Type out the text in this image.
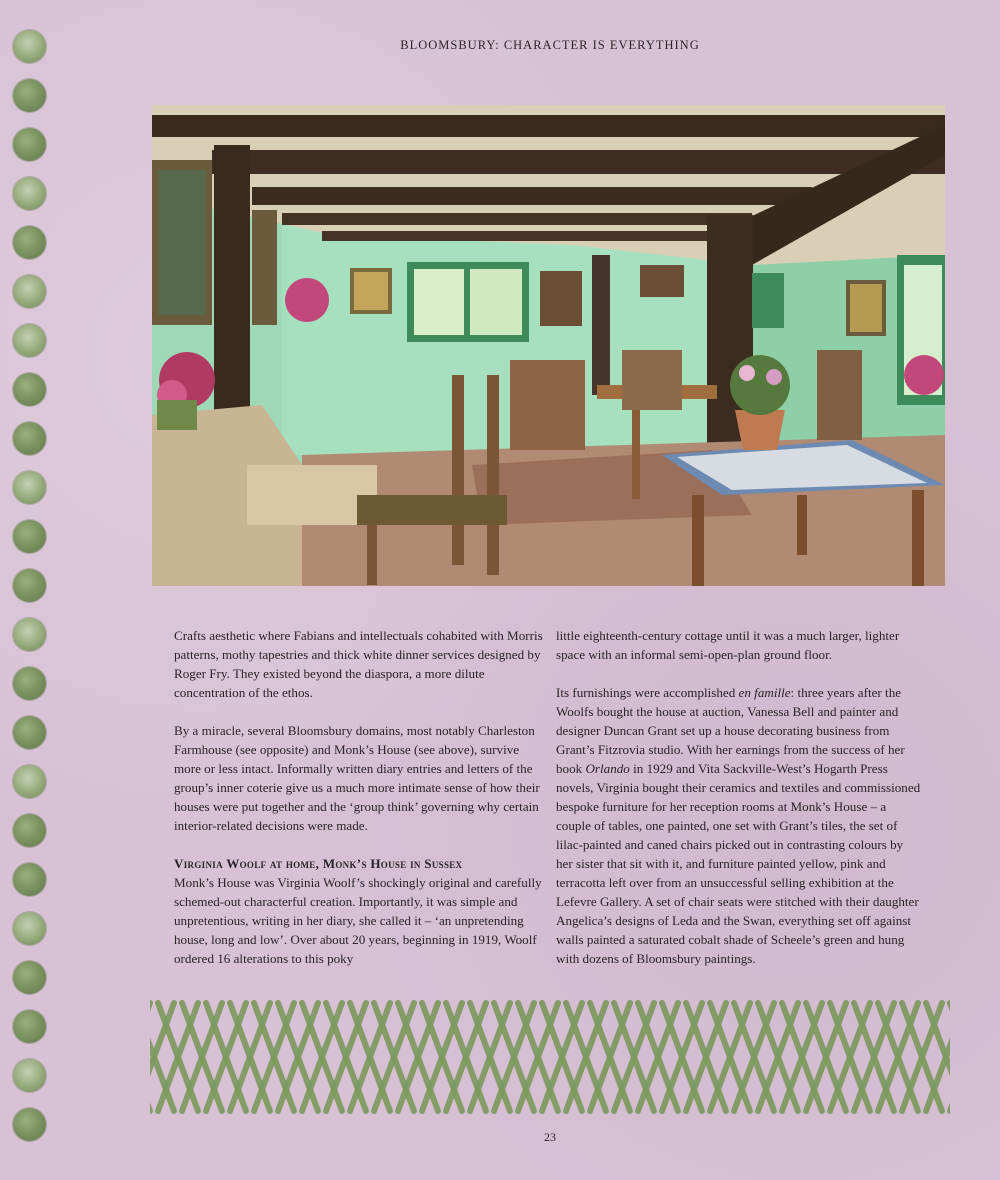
BLOOMSBURY: CHARACTER IS EVERYTHING

Crafts aesthetic where Fabians and intellectuals cohabited with Morris patterns, mothy tapestries and thick white dinner services designed by Roger Fry. They existed beyond the diaspora, a more dilute concentration of the ethos.

By a miracle, several Bloomsbury domains, most notably Charleston Farmhouse (see opposite) and Monk’s House (see above), survive more or less intact. Informally written diary entries and letters of the group’s inner coterie give us a much more intimate sense of how their houses were put together and the ‘group think’ governing why certain interior-related decisions were made.

Virginia Woolf at home, Monk’s House in Sussex

Monk’s House was Virginia Woolf’s shockingly original and carefully schemed-out characterful creation. Importantly, it was simple and unpretentious, writing in her diary, she called it – ‘an unpretending house, long and low’. Over about 20 years, beginning in 1919, Woolf ordered 16 alterations to this poky

little eighteenth-century cottage until it was a much larger, lighter space with an informal semi-open-plan ground floor.

Its furnishings were accomplished en famille: three years after the Woolfs bought the house at auction, Vanessa Bell and painter and designer Duncan Grant set up a house decorating business from Grant’s Fitzrovia studio. With her earnings from the success of her book Orlando in 1929 and Vita Sackville-West’s Hogarth Press novels, Virginia bought their ceramics and textiles and commissioned bespoke furniture for her reception rooms at Monk’s House – a couple of tables, one painted, one set with Grant’s tiles, the set of lilac-painted and caned chairs picked out in contrasting colours by her sister that sit with it, and furniture painted yellow, pink and terracotta left over from an unsuccessful selling exhibition at the Lefevre Gallery. A set of chair seats were stitched with their daughter Angelica’s designs of Leda and the Swan, everything set off against walls painted a saturated cobalt shade of Scheele’s green and hung with dozens of Bloomsbury paintings.

23
